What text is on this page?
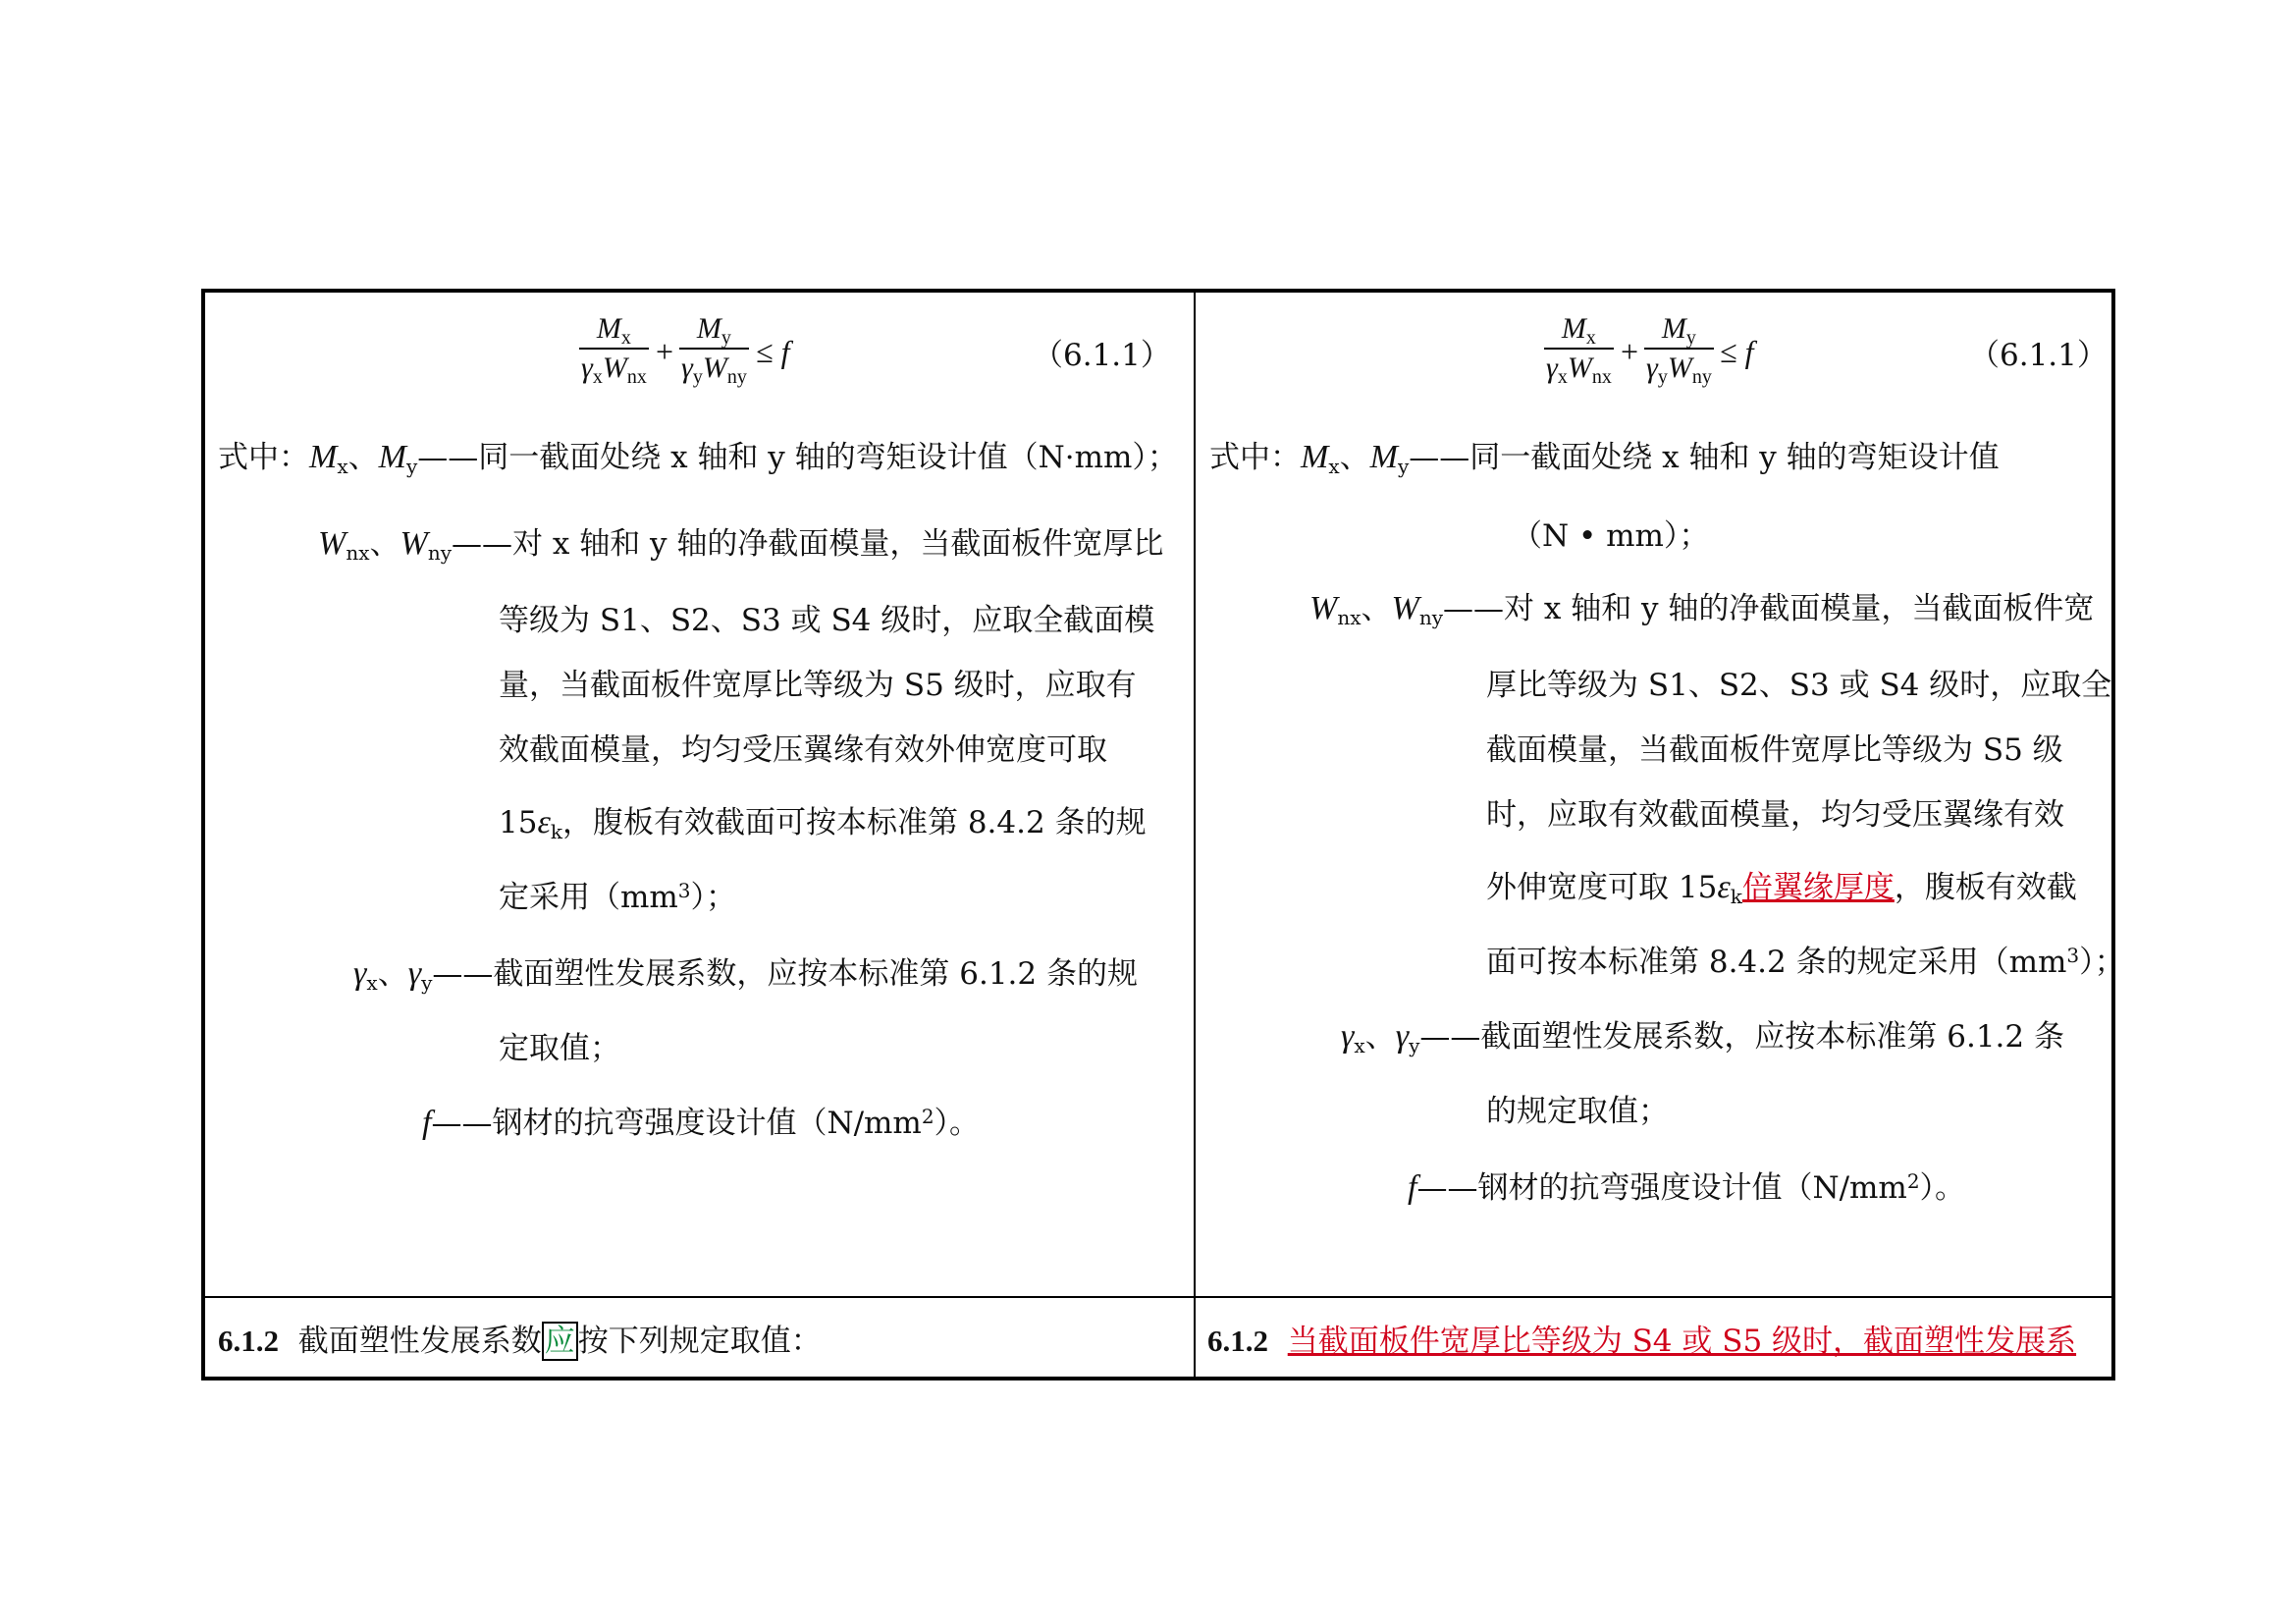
$M_x$
$\gamma_xW_{nx}$
+
$M_y$
$\gamma_yW_{ny}$
≤ f	（6.1.1）
$M_x$
$\gamma_xW_{nx}$
+
$M_y$
$\gamma_yW_{ny}$
≤ f	（6.1.1）
式中：$M_x$、$M_y——$同一截面处绕 x 轴和 y 轴的弯矩设计值（N·mm）；
$W_{nx}$、$W_{ny}——$对 x 轴和 y 轴的净截面模量，当截面板件宽厚比
等级为 S1、S2、S3 或 S4 级时，应取全截面模
量，当截面板件宽厚比等级为 S5 级时，应取有
效截面模量，均匀受压翼缘有效外伸宽度可取
$15\varepsilon_k$，腹板有效截面可按本标准第 8.4.2 条的规
定采用$(mm^3)$；
$\gamma_x$、$\gamma_y——$截面塑性发展系数，应按本标准第 6.1.2 条的规
定取值；
f——钢材的抗弯强度设计值$(N/mm^2)$。
6.1.2 截面塑性发展系数应按下列规定取值：
式中：$M_x$、$M_y——$同一截面处绕 x 轴和 y 轴的弯矩设计值
（N • mm）；
$W_{nx}$、$W_{ny}——$对 x 轴和 y 轴的净截面模量，当截面板件宽
厚比等级为 S1、S2、S3 或 S4 级时，应取全
截面模量，当截面板件宽厚比等级为 S5 级
时，应取有效截面模量，均匀受压翼缘有效
外伸宽度可取 $15\varepsilon_k$倍翼缘厚度，腹板有效截
面可按本标准第 8.4.2 条的规定采用$(mm^3)$；
$\gamma_x$、$\gamma_y——$截面塑性发展系数，应按本标准第 6.1.2 条
的规定取值；
f——钢材的抗弯强度设计值$(N/mm^2)$。
6.1.2 当截面板件宽厚比等级为 S4 或 S5 级时，截面塑性发展系
